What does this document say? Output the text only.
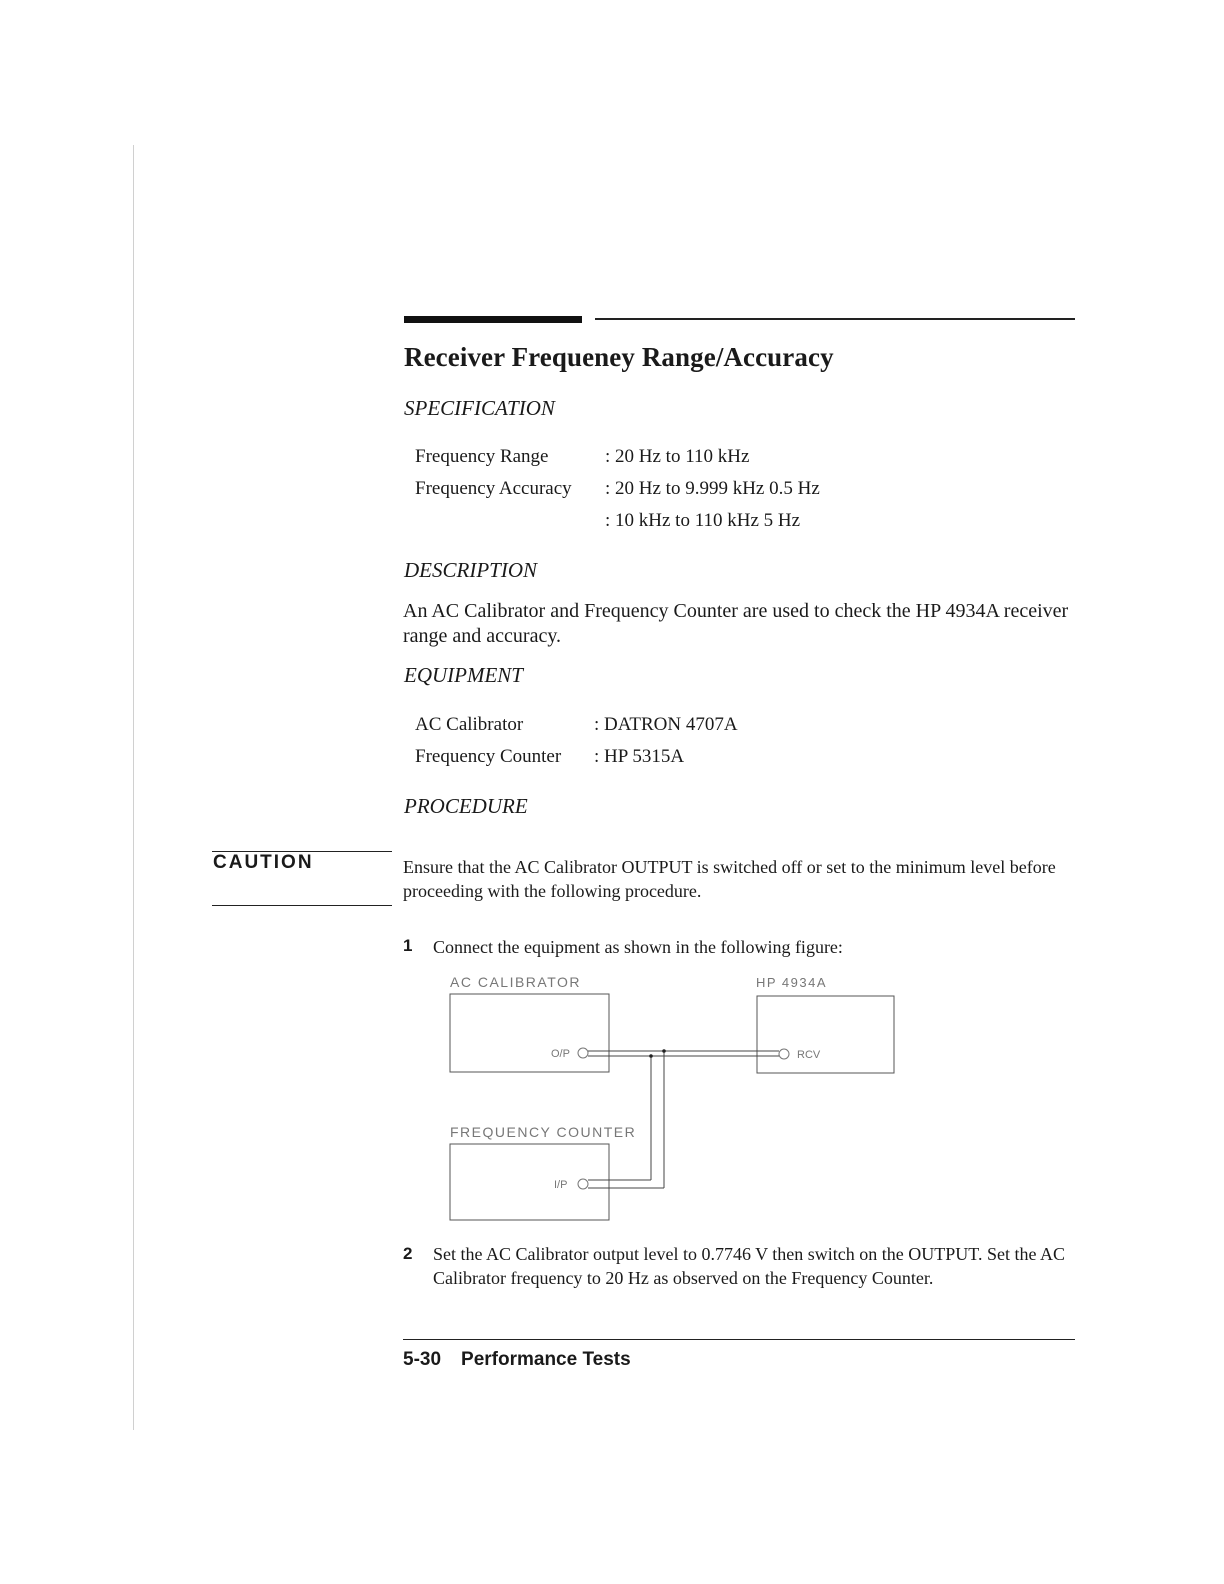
Receiver Frequeney Range/Accuracy
SPECIFICATION
Frequency Range	: 20 Hz to 110 kHz
Frequency Accuracy : 20 Hz to 9.999 kHz 0.5 Hz
: 10 kHz to 110 kHz 5 Hz
DESCRIPTION
An AC Calibrator and Frequency Counter are used to check the HP 4934A receiver range and accuracy.
EQUIPMENT
AC Calibrator	: DATRON 4707A
Frequency Counter : HP 5315A
PROCEDURE
CAUTION	Ensure that the AC Calibrator OUTPUT is switched off or set to the minimum level before proceeding with the following procedure.
1 Connect the equipment as shown in the following figure:
AC CALIBRATOR
O/P
HP 4934A
RCV
FREQUENCY COUNTER
I/P
2 Set the AC Calibrator output level to 0.7746 V then switch on the OUTPUT. Set the AC Calibrator frequency to 20 Hz as observed on the Frequency Counter.
5-30 Performance Tests
